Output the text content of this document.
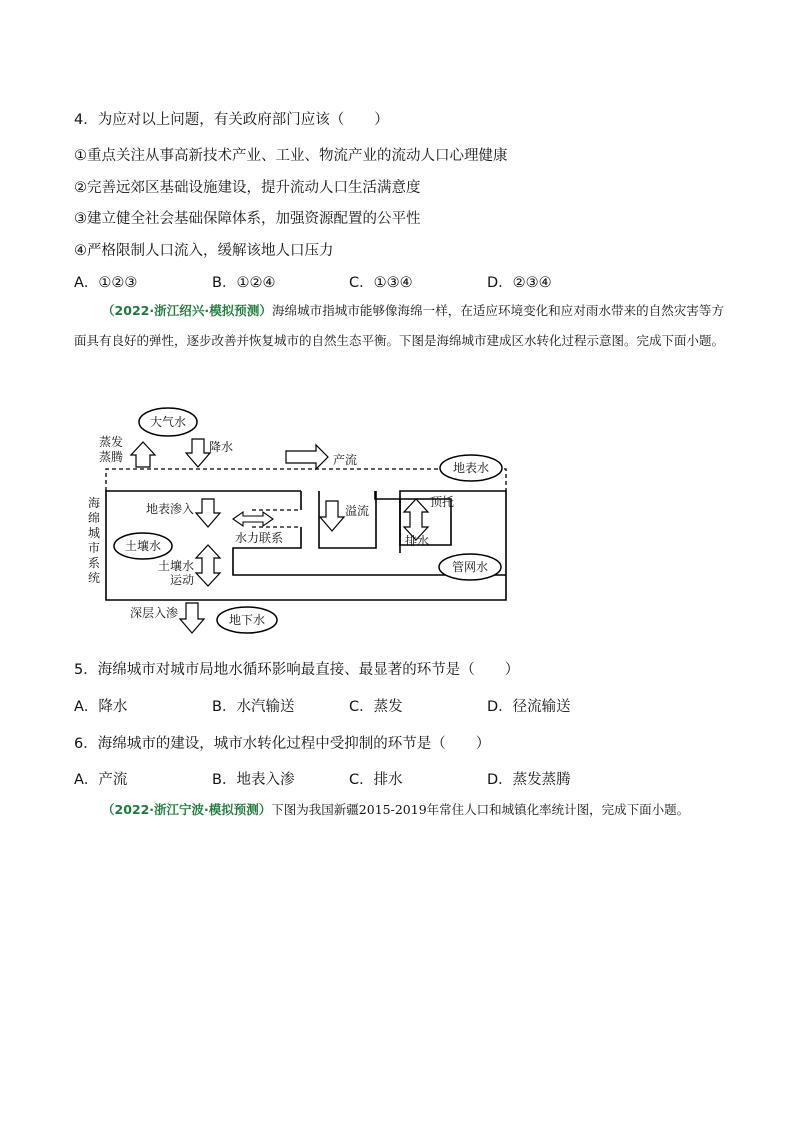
4．为应对以上问题，有关政府部门应该（ ）
①重点关注从事高新技术产业、工业、物流产业的流动人口心理健康
②完善远郊区基础设施建设，提升流动人口生活满意度
③建立健全社会基础保障体系，加强资源配置的公平性
④严格限制人口流入，缓解该地人口压力
A．①②③	B．①②④	C．①③④	D．②③④
（2022·浙江绍兴·模拟预测）海绵城市指城市能够像海绵一样，在适应环境变化和应对雨水带来的自然灾害等方面具有良好的弹性，逐步改善并恢复城市的自然生态平衡。下图是海绵城市建成区水转化过程示意图。完成下面小题。
大气水
蒸发
蒸腾
降水
产流
地表水
海
绵
城
市
系
统
地表渗入
水力联系
溢流
顶托
排水
土壤水
土壤水
运动
管网水
深层入渗	地下水
5．海绵城市对城市局地水循环影响最直接、最显著的环节是（ ）
A．降水	B．水汽输送	C．蒸发	D．径流输送
6．海绵城市的建设，城市水转化过程中受抑制的环节是（ ）
A．产流	B．地表入渗	C．排水	D．蒸发蒸腾
（2022·浙江宁波·模拟预测）下图为我国新疆2015-2019年常住人口和城镇化率统计图，完成下面小题。
